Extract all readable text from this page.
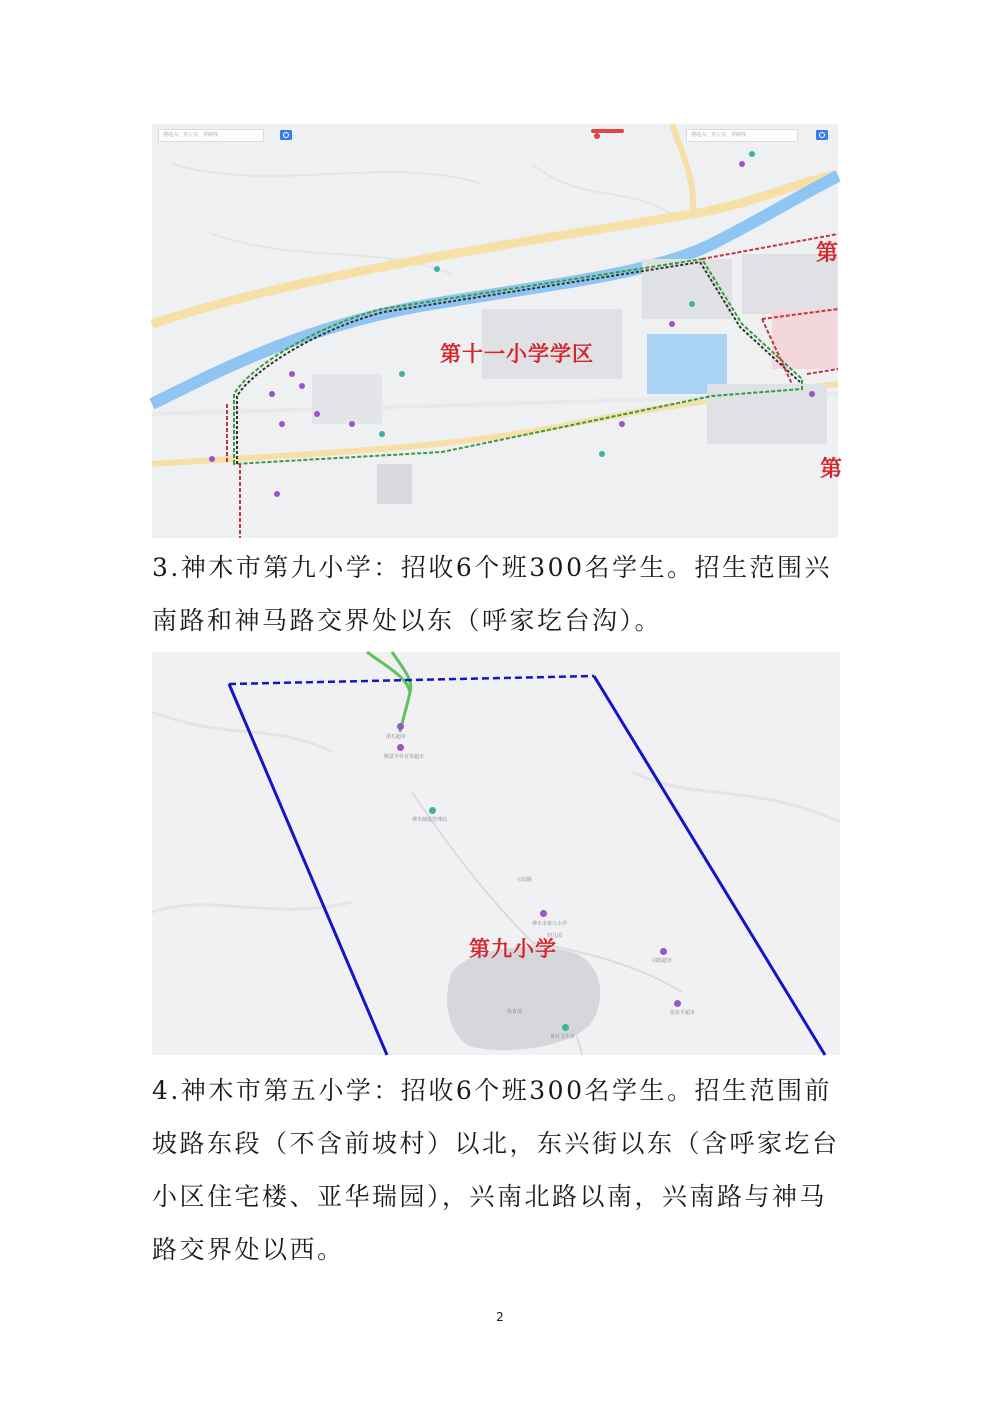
搜地点、查公交、找路线	搜地点、查公交、找路线
第十一小学学区
第
第
3.神木市第九小学：招收6个班300名学生。招生范围兴南路和神马路交界处以东（呼家圪台沟）。
滚石超市
顺意平价百货超市
神木城投管理局
公园路
神木市第九小学
幼儿园
向阳超市
张东平超市
黄村卫生室
体育场
第九小学
4.神木市第五小学：招收6个班300名学生。招生范围前坡路东段（不含前坡村）以北，东兴街以东（含呼家圪台小区住宅楼、亚华瑞园），兴南北路以南，兴南路与神马路交界处以西。
2
